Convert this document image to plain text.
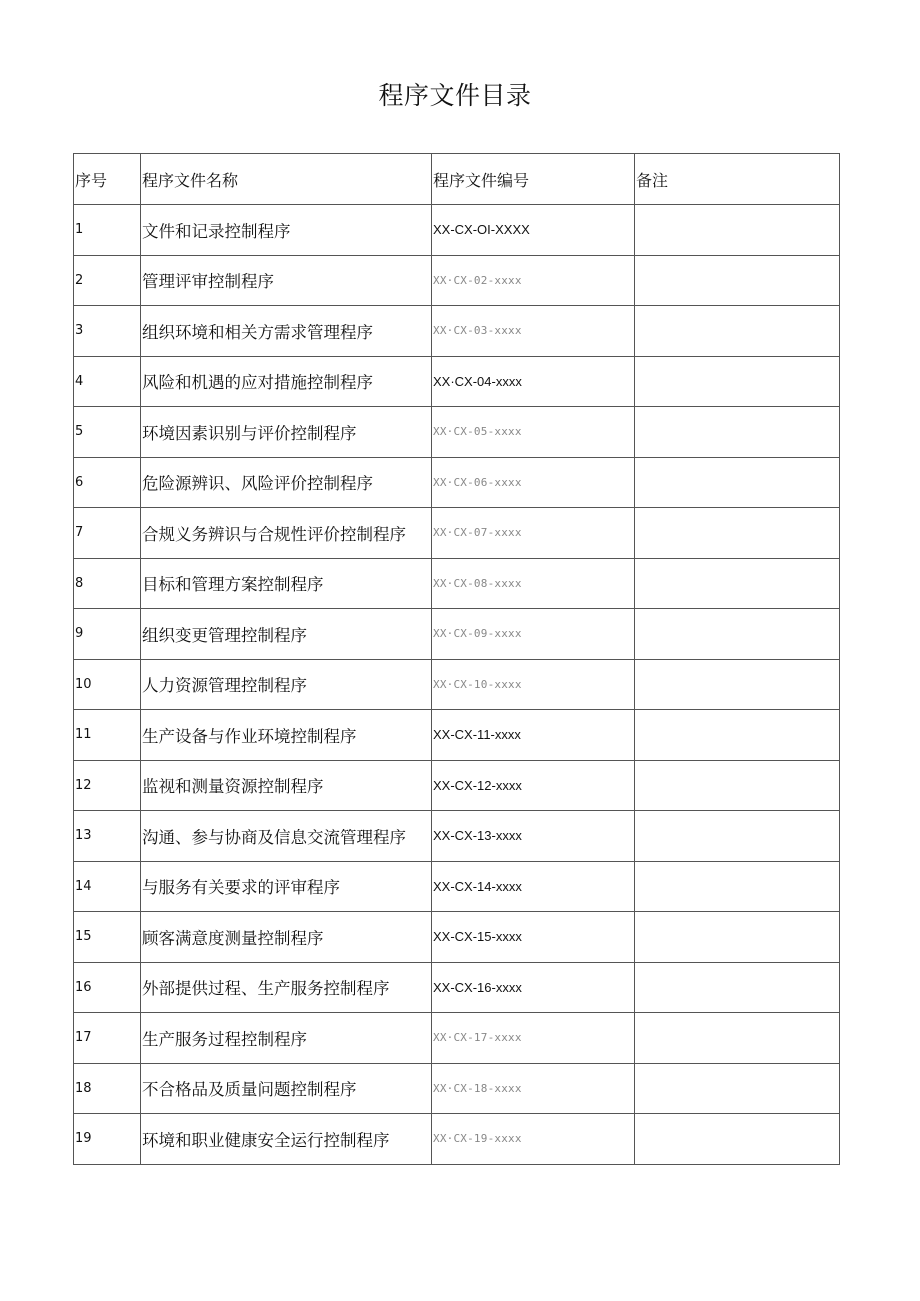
程序文件目录
序号	程序文件名称	程序文件编号	备注
1	文件和记录控制程序	XX-CX-OI-XXXX	
2	管理评审控制程序	XX·CX-02-xxxx	
3	组织环境和相关方需求管理程序	XX·CX-03-xxxx	
4	风险和机遇的应对措施控制程序	XX·CX-04-xxxx	
5	环境因素识别与评价控制程序	XX·CX-05-xxxx	
6	危险源辨识、风险评价控制程序	XX·CX-06-xxxx	
7	合规义务辨识与合规性评价控制程序	XX·CX-07-xxxx	
8	目标和管理方案控制程序	XX·CX-08-xxxx	
9	组织变更管理控制程序	XX·CX-09-xxxx	
10	人力资源管理控制程序	XX·CX-10-xxxx	
11	生产设备与作业环境控制程序	XX-CX-11-xxxx	
12	监视和测量资源控制程序	XX-CX-12-xxxx	
13	沟通、参与协商及信息交流管理程序	XX-CX-13-xxxx	
14	与服务有关要求的评审程序	XX-CX-14-xxxx	
15	顾客满意度测量控制程序	XX-CX-15-xxxx	
16	外部提供过程、生产服务控制程序	XX-CX-16-xxxx	
17	生产服务过程控制程序	XX·CX-17-xxxx	
18	不合格品及质量问题控制程序	XX·CX-18-xxxx	
19	环境和职业健康安全运行控制程序	XX·CX-19-xxxx	
